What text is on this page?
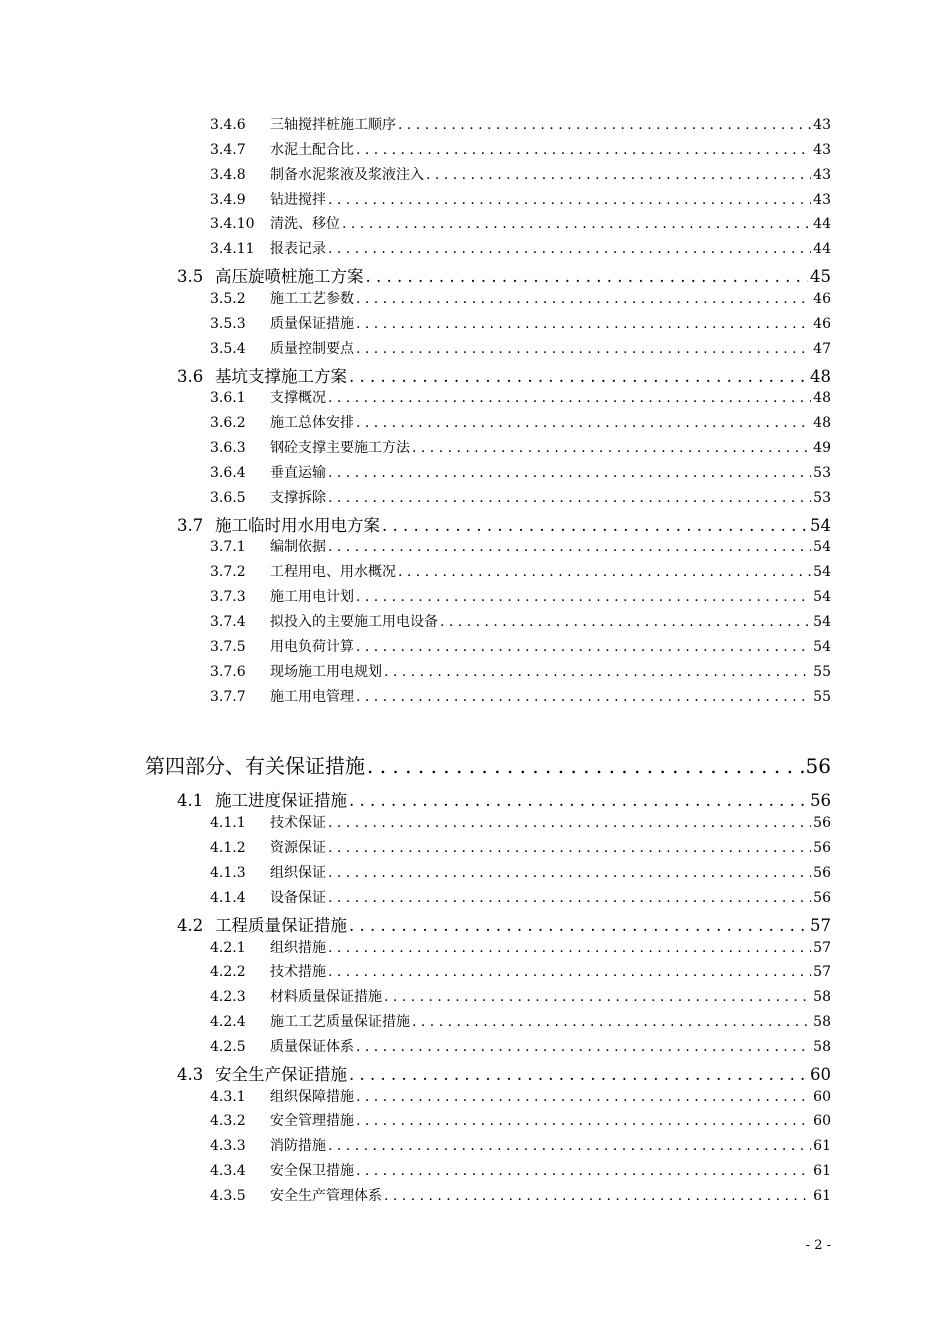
3.4.6 三轴搅拌桩施工顺序 . . .	43
3.4.7 水泥土配合比 . . .	43
3.4.8 制备水泥浆液及浆液注入 . . .	43
3.4.9 钻进搅拌 . . .	43
3.4.10 清洗、移位 . . .	44
3.4.11 报表记录 . . .	44
3.5 高压旋喷桩施工方案 . . .	45
3.5.2 施工工艺参数 . . .	46
3.5.3 质量保证措施 . . .	46
3.5.4 质量控制要点 . . .	47
3.6 基坑支撑施工方案 . . .	48
3.6.1 支撑概况 . . .	48
3.6.2 施工总体安排 . . .	48
3.6.3 钢砼支撑主要施工方法 . . .	49
3.6.4 垂直运输 . . .	53
3.6.5 支撑拆除 . . .	53
3.7 施工临时用水用电方案 . . .	54
3.7.1 编制依据 . . .	54
3.7.2 工程用电、用水概况 . . .	54
3.7.3 施工用电计划 . . .	54
3.7.4 拟投入的主要施工用电设备 . . .	54
3.7.5 用电负荷计算 . . .	54
3.7.6 现场施工用电规划 . . .	55
3.7.7 施工用电管理 . . .	55
第四部分、有关保证措施 . . .	56
4.1 施工进度保证措施 . . .	56
4.1.1 技术保证 . . .	56
4.1.2 资源保证 . . .	56
4.1.3 组织保证 . . .	56
4.1.4 设备保证 . . .	56
4.2 工程质量保证措施 . . .	57
4.2.1 组织措施 . . .	57
4.2.2 技术措施 . . .	57
4.2.3 材料质量保证措施 . . .	58
4.2.4 施工工艺质量保证措施 . . .	58
4.2.5 质量保证体系 . . .	58
4.3 安全生产保证措施 . . .	60
4.3.1 组织保障措施 . . .	60
4.3.2 安全管理措施 . . .	60
4.3.3 消防措施 . . .	61
4.3.4 安全保卫措施 . . .	61
4.3.5 安全生产管理体系 . . .	61
- 2 -
